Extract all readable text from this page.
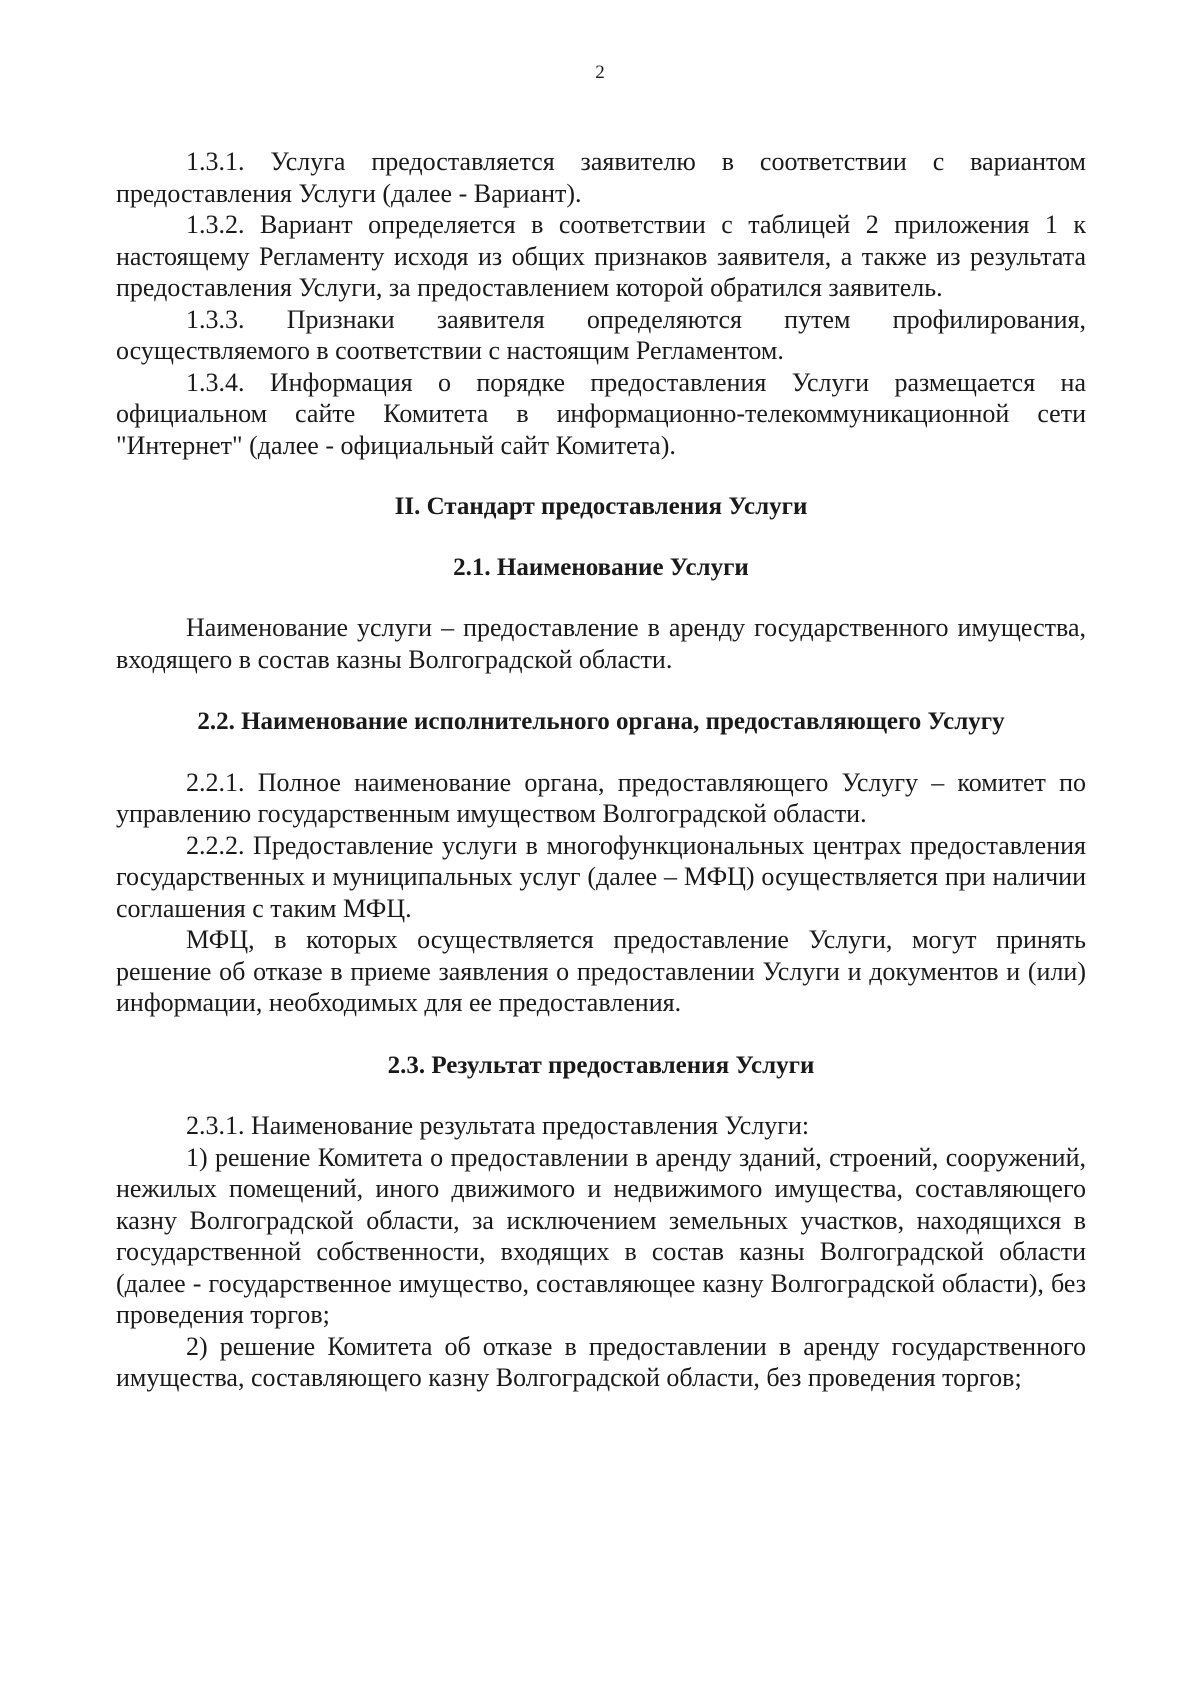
2

1.3.1. Услуга предоставляется заявителю в соответствии с вариантом предоставления Услуги (далее - Вариант).

1.3.2. Вариант определяется в соответствии с таблицей 2 приложения 1 к настоящему Регламенту исходя из общих признаков заявителя, а также из результата предоставления Услуги, за предоставлением которой обратился заявитель.

1.3.3. Признаки заявителя определяются путем профилирования, осуществляемого в соответствии с настоящим Регламентом.

1.3.4. Информация о порядке предоставления Услуги размещается на официальном сайте Комитета в информационно-телекоммуникационной сети "Интернет" (далее - официальный сайт Комитета).

II. Стандарт предоставления Услуги
2.1. Наименование Услуги

Наименование услуги – предоставление в аренду государственного имущества, входящего в состав казны Волгоградской области.

2.2. Наименование исполнительного органа, предоставляющего Услугу

2.2.1. Полное наименование органа, предоставляющего Услугу – комитет по управлению государственным имуществом Волгоградской области.

2.2.2. Предоставление услуги в многофункциональных центрах предоставления государственных и муниципальных услуг (далее – МФЦ) осуществляется при наличии соглашения с таким МФЦ.

МФЦ, в которых осуществляется предоставление Услуги, могут принять решение об отказе в приеме заявления о предоставлении Услуги и документов и (или) информации, необходимых для ее предоставления.

2.3. Результат предоставления Услуги

2.3.1. Наименование результата предоставления Услуги:

1) решение Комитета о предоставлении в аренду зданий, строений, сооружений, нежилых помещений, иного движимого и недвижимого имущества, составляющего казну Волгоградской области, за исключением земельных участков, находящихся в государственной собственности, входящих в состав казны Волгоградской области (далее - государственное имущество, составляющее казну Волгоградской области), без проведения торгов;

2) решение Комитета об отказе в предоставлении в аренду государственного имущества, составляющего казну Волгоградской области, без проведения торгов;
